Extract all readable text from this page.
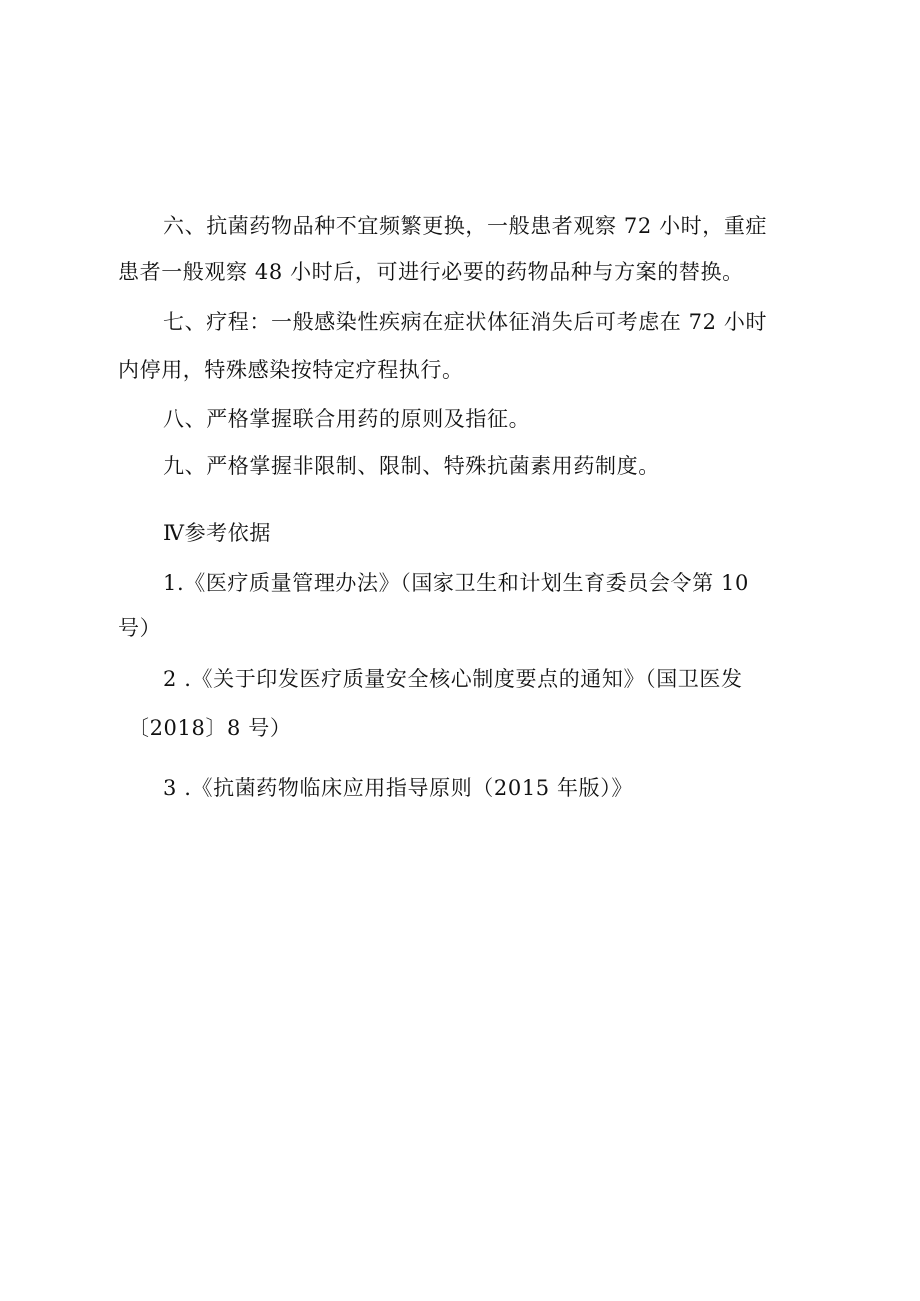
六、抗菌药物品种不宜频繁更换，一般患者观察 72 小时，重症
患者一般观察 48 小时后，可进行必要的药物品种与方案的替换。
七、疗程：一般感染性疾病在症状体征消失后可考虑在 72 小时
内停用，特殊感染按特定疗程执行。
八、严格掌握联合用药的原则及指征。
九、严格掌握非限制、限制、特殊抗菌素用药制度。
Ⅳ参考依据
1.《医疗质量管理办法》（国家卫生和计划生育委员会令第 10
号）
2 .《关于印发医疗质量安全核心制度要点的通知》（国卫医发
〔2018〕8 号）
3 .《抗菌药物临床应用指导原则（2015 年版）》
